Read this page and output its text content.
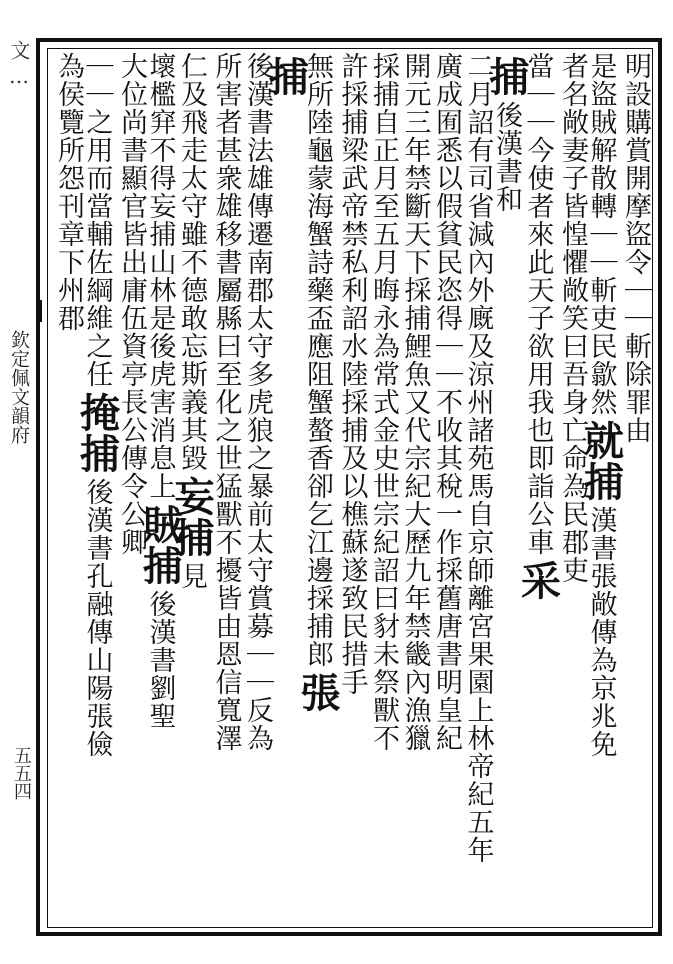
文…
欽定佩文韻府
五五四
明設購賞開摩盜令｜｜斬除罪由
是盜賊解散轉｜｜斬吏民歙然就捕漢書張敞傳為京兆免
者名敞妻子皆惶懼敞笑曰吾身亡命為民郡吏
當｜｜今使者來此天子欲用我也即詣公車采
捕後漢書和
二月詔有司省減內外廐及涼州諸苑馬自京師離宮果園上林帝紀五年
廣成囿悉以假貧民恣得｜｜不收其稅一作採舊唐書明皇紀
開元三年禁斷天下採捕鯉魚又代宗紀大歷九年禁畿內漁獵
採捕自正月至五月晦永為常式金史世宗紀詔曰豺未祭獸不
許採捕梁武帝禁私利詔水陸採捕及以樵蘇遂致民措手
無所陸龜蒙海蟹詩藥盃應阻蟹螯香卻乞江邊採捕郎張
捕
後漢書法雄傳遷南郡太守多虎狼之暴前太守賞募｜｜反為
所害者甚衆雄移書屬縣曰至化之世猛獸不擾皆由恩信寬澤
仁及飛走太守雖不德敢忘斯義其毀妄捕見
壞檻穽不得妄捕山林是後虎害消息上賊捕後漢書劉聖
大位尚書顯官皆出庸伍資亭長公傳令公卿
｜｜之用而當輔佐綱維之任掩捕後漢書孔融傳山陽張儉
為侯覽所怨刊章下州郡
